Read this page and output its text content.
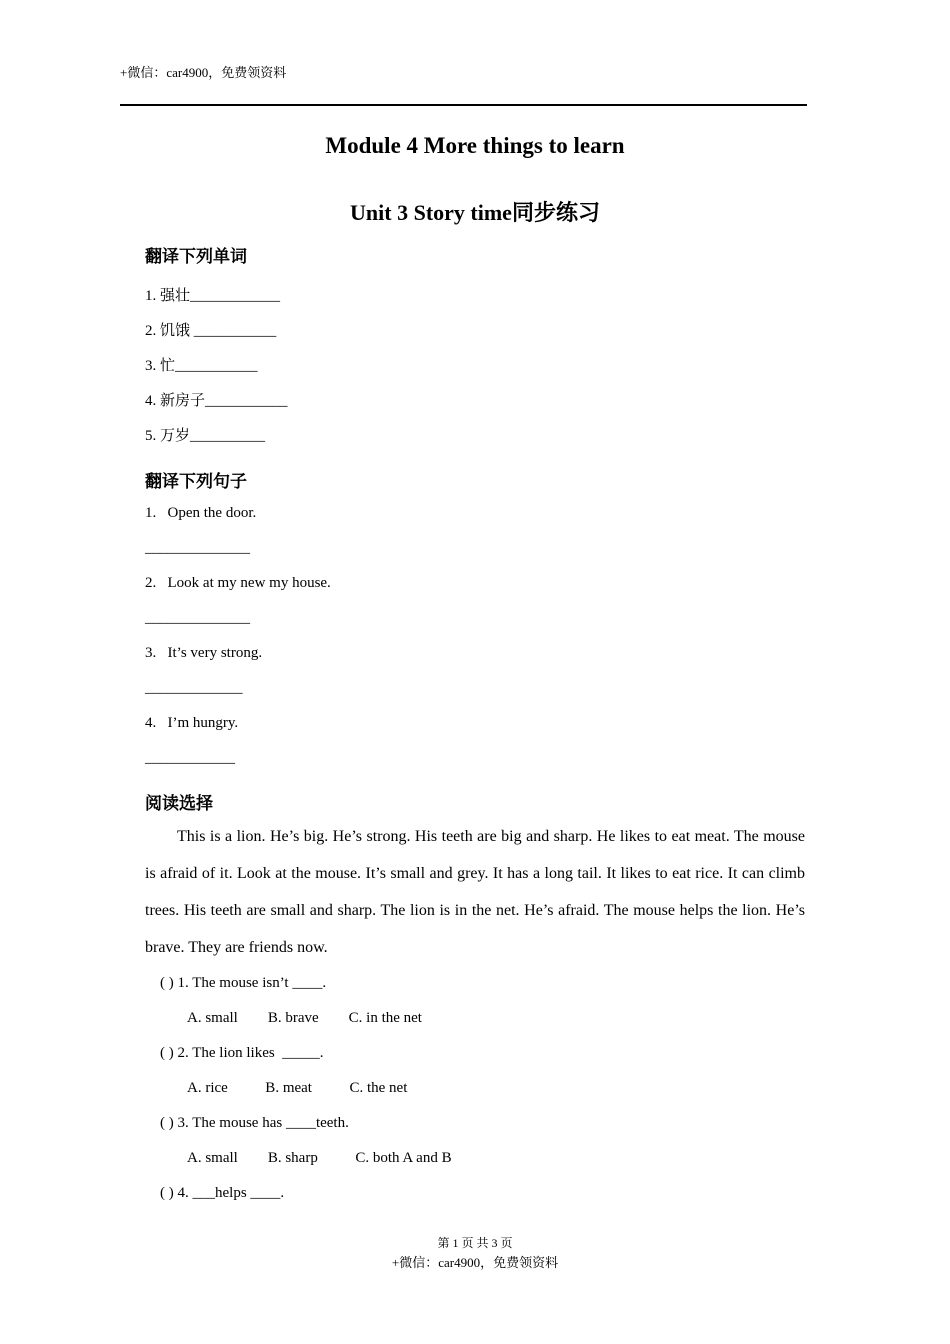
+微信：car4900，免费领资料
Module 4 More things to learn
Unit 3 Story time同步练习
翻译下列单词

1. 强壮____________

2. 饥饿 ___________

3. 忙___________

4. 新房子___________

5. 万岁__________

翻译下列句子

1.   Open the door.

______________

2.   Look at my new my house.

______________

3.   It’s very strong.

_____________

4.   I’m hungry.

____________

阅读选择

This is a lion. He’s big. He’s strong. His teeth are big and sharp. He likes to eat meat. The mouse is afraid of it. Look at the mouse. It’s small and grey. It has a long tail. It likes to eat rice. It can climb trees. His teeth are small and sharp. The lion is in the net. He’s afraid. The mouse helps the lion. He’s brave. They are friends now.

( ) 1. The mouse isn’t ____.

A. small        B. brave        C. in the net

( ) 2. The lion likes  _____.

A. rice          B. meat          C. the net

( ) 3. The mouse has ____teeth.

A. small        B. sharp          C. both A and B

( ) 4. ___helps ____.

第 1 页 共 3 页
+微信：car4900，免费领资料
